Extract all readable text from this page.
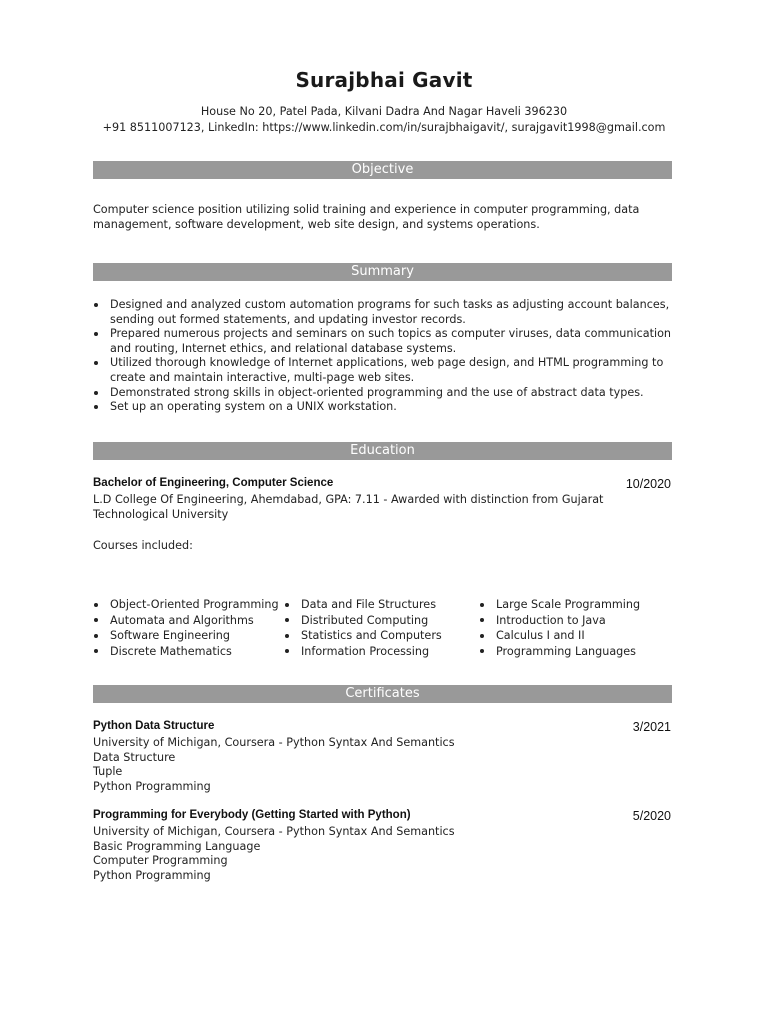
Surajbhai Gavit
House No 20, Patel Pada, Kilvani Dadra And Nagar Haveli 396230
+91 8511007123, LinkedIn: https://www.linkedin.com/in/surajbhaigavit/, surajgavit1998@gmail.com
Objective
Computer science position utilizing solid training and experience in computer programming, data
management, software development, web site design, and systems operations.
Summary
Designed and analyzed custom automation programs for such tasks as adjusting account balances, sending out formed statements, and updating investor records.
Prepared numerous projects and seminars on such topics as computer viruses, data communication and routing, Internet ethics, and relational database systems.
Utilized thorough knowledge of Internet applications, web page design, and HTML programming to create and maintain interactive, multi-page web sites.
Demonstrated strong skills in object-oriented programming and the use of abstract data types.
Set up an operating system on a UNIX workstation.
Education
Bachelor of Engineering, Computer Science	10/2020
L.D College Of Engineering, Ahemdabad, GPA: 7.11 - Awarded with distinction from Gujarat
Technological University
Courses included:
Object-Oriented Programming
Automata and Algorithms
Software Engineering
Discrete Mathematics
Data and File Structures
Distributed Computing
Statistics and Computers
Information Processing
Large Scale Programming
Introduction to Java
Calculus I and II
Programming Languages
Certificates
Python Data Structure	3/2021
University of Michigan, Coursera - Python Syntax And Semantics
Data Structure
Tuple
Python Programming
Programming for Everybody (Getting Started with Python)	5/2020
University of Michigan, Coursera - Python Syntax And Semantics
Basic Programming Language
Computer Programming
Python Programming
